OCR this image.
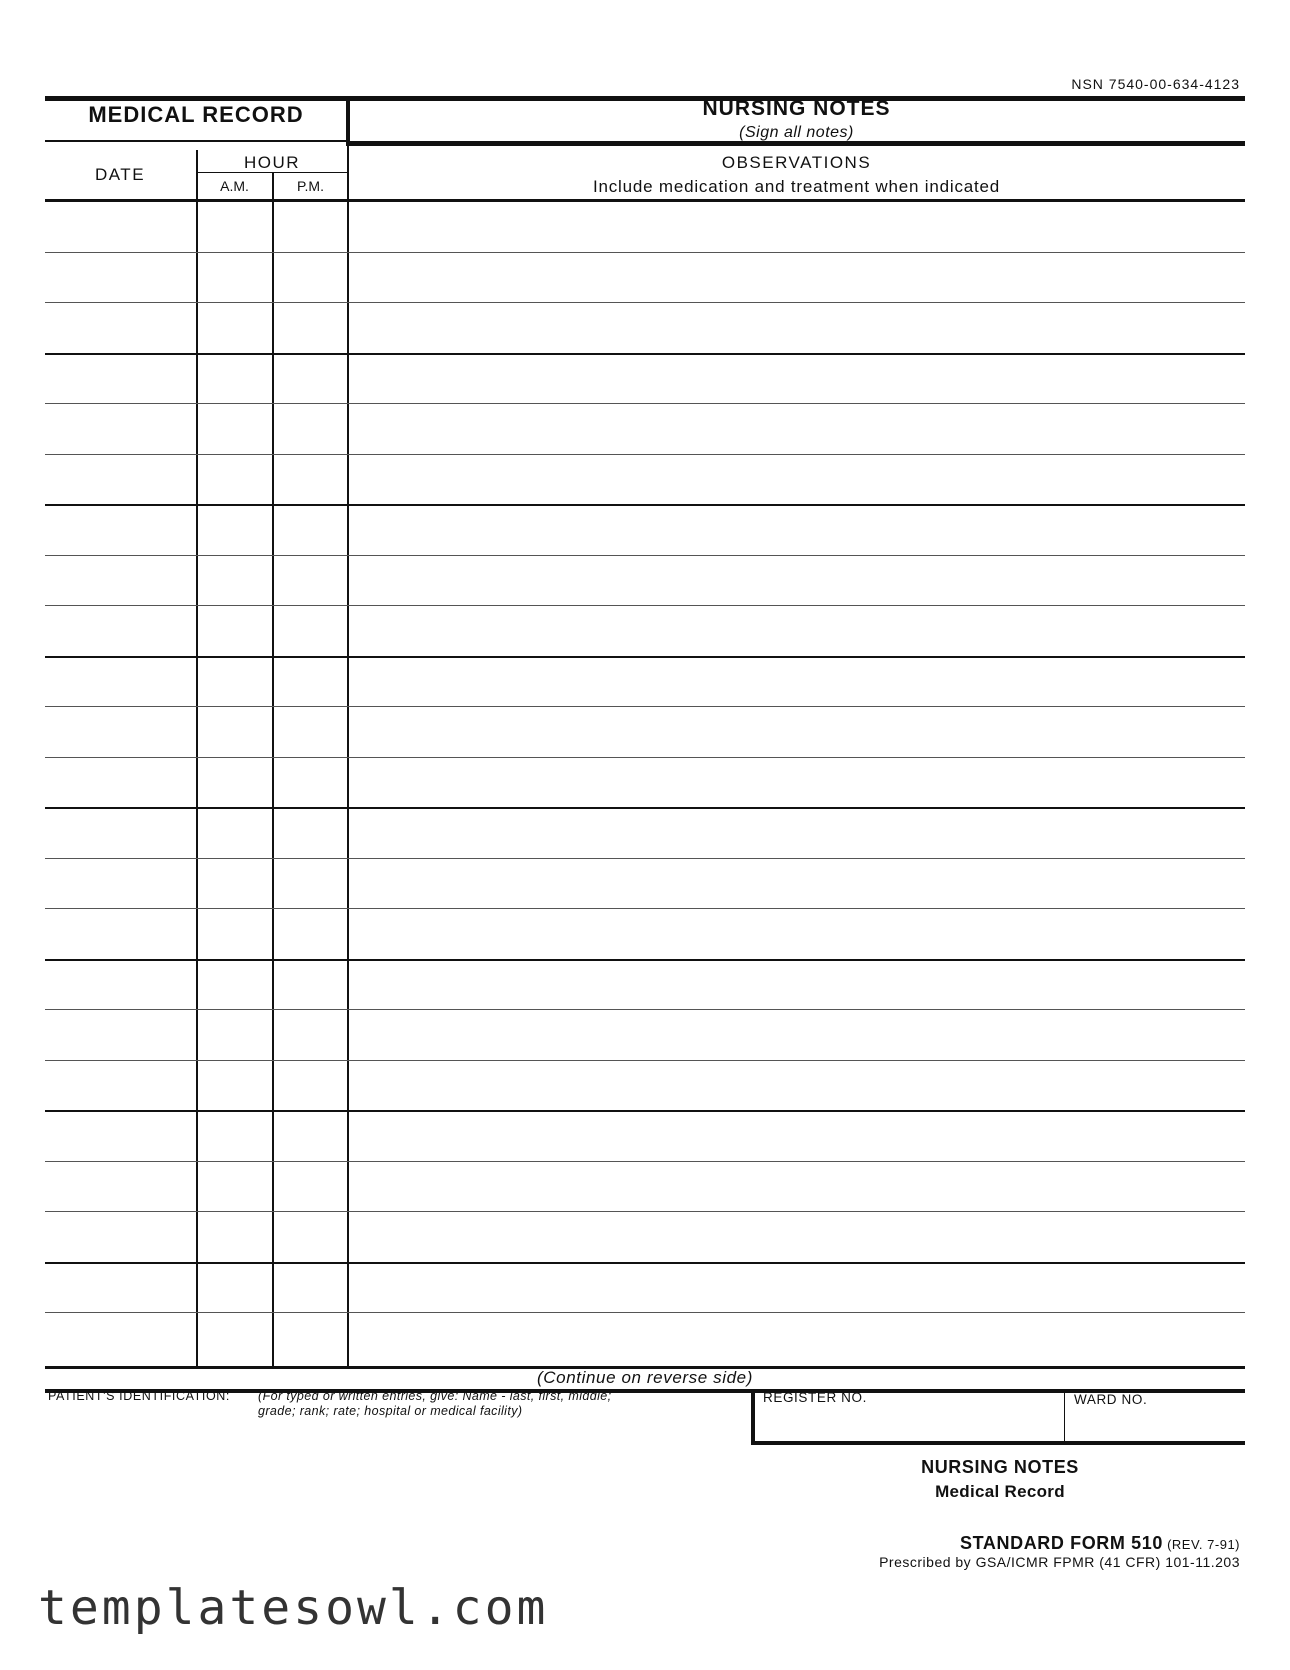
NSN 7540-00-634-4123
MEDICAL RECORD	NURSING NOTES
(Sign all notes)
DATE
HOUR
A.M.	P.M.
OBSERVATIONS
Include medication and treatment when indicated
(Continue on reverse side)
PATIENT'S IDENTIFICATION: (For typed or written entries, give: Name - last, first, middle;
grade; rank; rate; hospital or medical facility)
REGISTER NO.	WARD NO.
NURSING NOTES
Medical Record
STANDARD FORM 510 (REV. 7-91)
Prescribed by GSA/ICMR FPMR (41 CFR) 101-11.203
templatesowl.com
